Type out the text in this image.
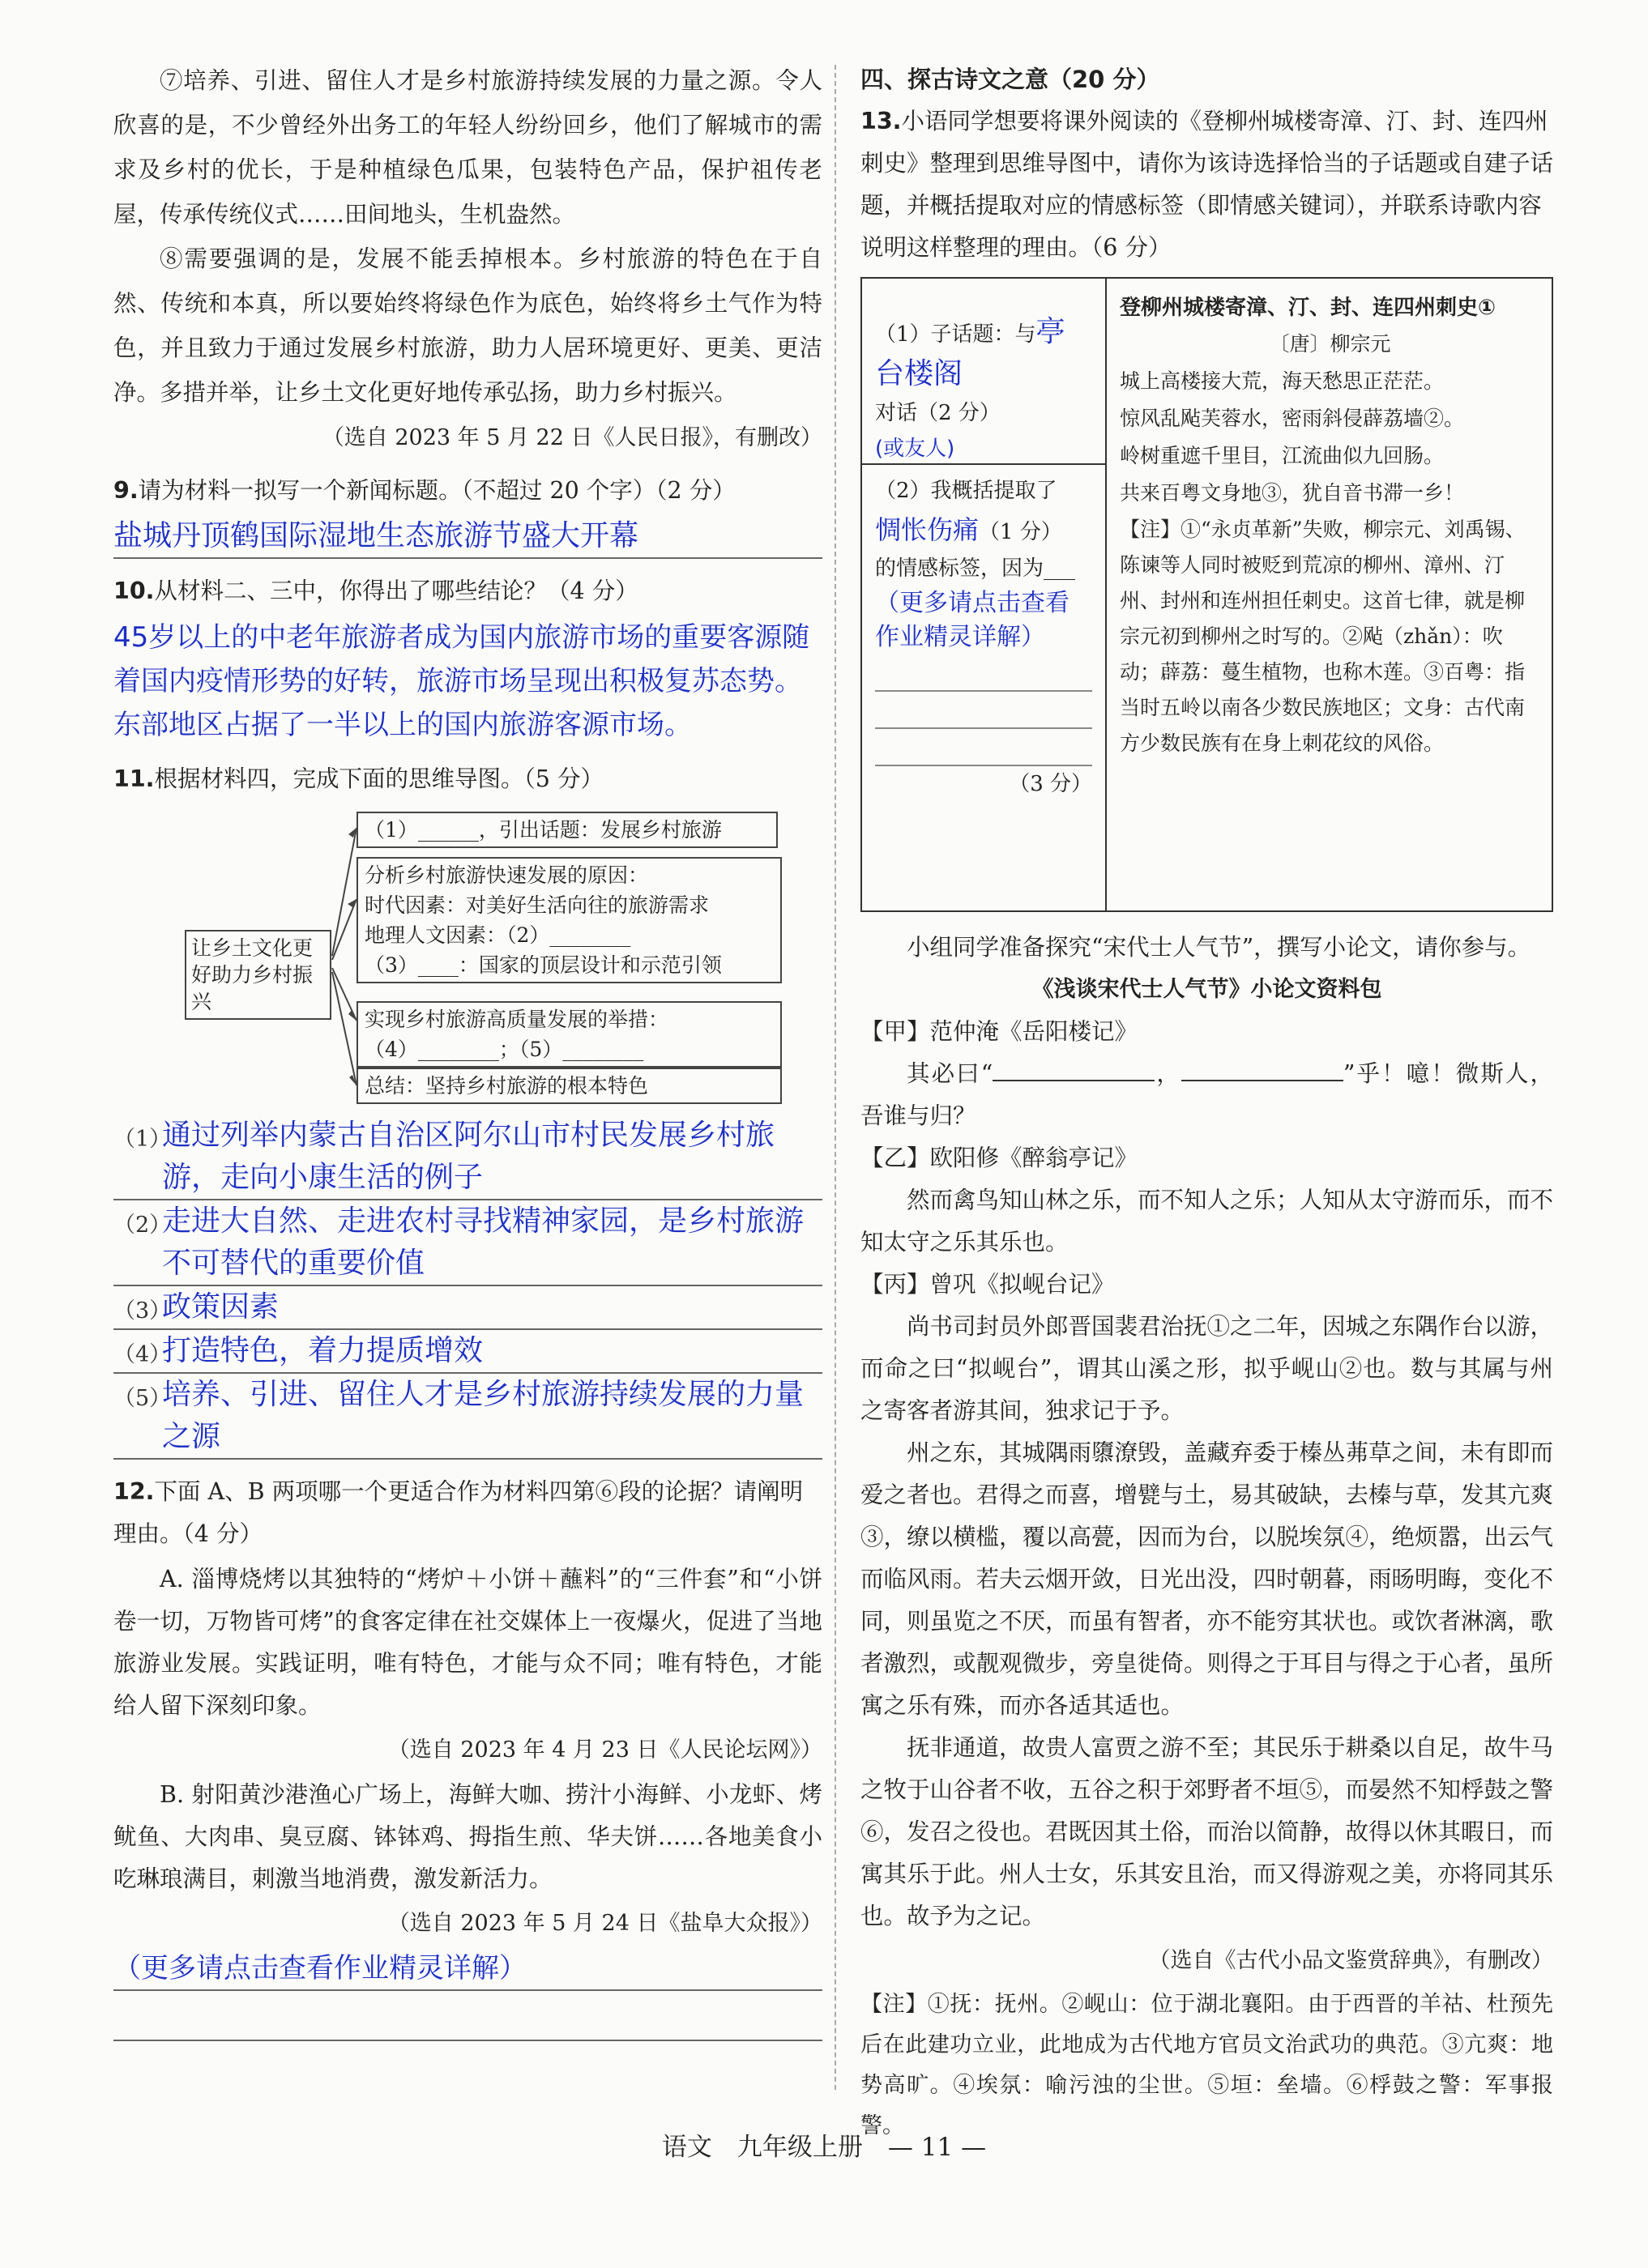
⑦培养、引进、留住人才是乡村旅游持续发展的力量之源。令人欣喜的是，不少曾经外出务工的年轻人纷纷回乡，他们了解城市的需求及乡村的优长，于是种植绿色瓜果，包装特色产品，保护祖传老屋，传承传统仪式……田间地头，生机盎然。

⑧需要强调的是，发展不能丢掉根本。乡村旅游的特色在于自然、传统和本真，所以要始终将绿色作为底色，始终将乡土气作为特色，并且致力于通过发展乡村旅游，助力人居环境更好、更美、更洁净。多措并举，让乡土文化更好地传承弘扬，助力乡村振兴。

（选自 2023 年 5 月 22 日《人民日报》，有删改）

9.请为材料一拟写一个新闻标题。（不超过 20 个字）（2 分）

盐城丹顶鹤国际湿地生态旅游节盛大开幕

10.从材料二、三中，你得出了哪些结论？（4 分）

45岁以上的中老年旅游者成为国内旅游市场的重要客源随着国内疫情形势的好转，旅游市场呈现出积极复苏态势。东部地区占据了一半以上的国内旅游客源市场。

11.根据材料四，完成下面的思维导图。（5 分）

让乡土文化更好助力乡村振兴
（1）______，引出话题：发展乡村旅游
分析乡村旅游快速发展的原因：
时代因素：对美好生活向往的旅游需求
地理人文因素：（2）________
（3）____：国家的顶层设计和示范引领
实现乡村旅游高质量发展的举措：
（4）________；（5）________
总结：坚持乡村旅游的根本特色
（1）
通过列举内蒙古自治区阿尔山市村民发展乡村旅游，走向小康生活的例子
（2）
走进大自然、走进农村寻找精神家园，是乡村旅游不可替代的重要价值
（3）
政策因素
（4）
打造特色，着力提质增效
（5）
培养、引进、留住人才是乡村旅游持续发展的力量之源

12.下面 A、B 两项哪一个更适合作为材料四第⑥段的论据？请阐明理由。（4 分）

A. 淄博烧烤以其独特的“烤炉＋小饼＋蘸料”的“三件套”和“小饼卷一切，万物皆可烤”的食客定律在社交媒体上一夜爆火，促进了当地旅游业发展。实践证明，唯有特色，才能与众不同；唯有特色，才能给人留下深刻印象。

（选自 2023 年 4 月 23 日《人民论坛网》）

B. 射阳黄沙港渔心广场上，海鲜大咖、捞汁小海鲜、小龙虾、烤鱿鱼、大肉串、臭豆腐、钵钵鸡、拇指生煎、华夫饼……各地美食小吃琳琅满目，刺激当地消费，激发新活力。

（选自 2023 年 5 月 24 日《盐阜大众报》）

（更多请点击查看作业精灵详解）

四、探古诗文之意（20 分）

13.小语同学想要将课外阅读的《登柳州城楼寄漳、汀、封、连四州刺史》整理到思维导图中，请你为该诗选择恰当的子话题或自建子话题，并概括提取对应的情感标签（即情感关键词），并联系诗歌内容说明这样整理的理由。（6 分）

（1）子话题：与亭台楼阁

对话（2 分）

(或友人)

（2）我概括提取了

惆怅伤痛（1 分）

的情感标签，因为___

（更多请点击查看作业精灵详解）

（3 分）

登柳州城楼寄漳、汀、封、连四州刺史①

〔唐〕柳宗元

城上高楼接大荒，海天愁思正茫茫。

惊风乱飐芙蓉水，密雨斜侵薜荔墙②。

岭树重遮千里目，江流曲似九回肠。

共来百粤文身地③，犹自音书滞一乡！

【注】①“永贞革新”失败，柳宗元、刘禹锡、陈谏等人同时被贬到荒凉的柳州、漳州、汀州、封州和连州担任刺史。这首七律，就是柳宗元初到柳州之时写的。②飐（zhǎn）：吹动；薜荔：蔓生植物，也称木莲。③百粤：指当时五岭以南各少数民族地区；文身：古代南方少数民族有在身上刺花纹的风俗。

小组同学准备探究“宋代士人气节”，撰写小论文，请你参与。

《浅谈宋代士人气节》小论文资料包

【甲】范仲淹《岳阳楼记》

其必曰“	，	”乎！噫！微斯人，吾谁与归？

【乙】欧阳修《醉翁亭记》

然而禽鸟知山林之乐，而不知人之乐；人知从太守游而乐，而不知太守之乐其乐也。

【丙】曾巩《拟岘台记》

尚书司封员外郎晋国裴君治抚①之二年，因城之东隅作台以游，而命之曰“拟岘台”，谓其山溪之形，拟乎岘山②也。数与其属与州之寄客者游其间，独求记于予。

州之东，其城隅雨隳潦毁，盖藏弃委于榛丛茀草之间，未有即而爱之者也。君得之而喜，增甓与土，易其破缺，去榛与草，发其亢爽③，缭以横槛，覆以高甍，因而为台，以脱埃氛④，绝烦嚣，出云气而临风雨。若夫云烟开敛，日光出没，四时朝暮，雨旸明晦，变化不同，则虽览之不厌，而虽有智者，亦不能穷其状也。或饮者淋漓，歌者激烈，或靓观微步，旁皇徙倚。则得之于耳目与得之于心者，虽所寓之乐有殊，而亦各适其适也。

抚非通道，故贵人富贾之游不至；其民乐于耕桑以自足，故牛马之牧于山谷者不收，五谷之积于郊野者不垣⑤，而晏然不知桴鼓之警⑥，发召之役也。君既因其土俗，而治以简静，故得以休其暇日，而寓其乐于此。州人士女，乐其安且治，而又得游观之美，亦将同其乐也。故予为之记。

（选自《古代小品文鉴赏辞典》，有删改）

【注】①抚：抚州。②岘山：位于湖北襄阳。由于西晋的羊祜、杜预先后在此建功立业，此地成为古代地方官员文治武功的典范。③亢爽：地势高旷。④埃氛：喻污浊的尘世。⑤垣：垒墙。⑥桴鼓之警：军事报警。

语文　九年级上册　— 11 —
